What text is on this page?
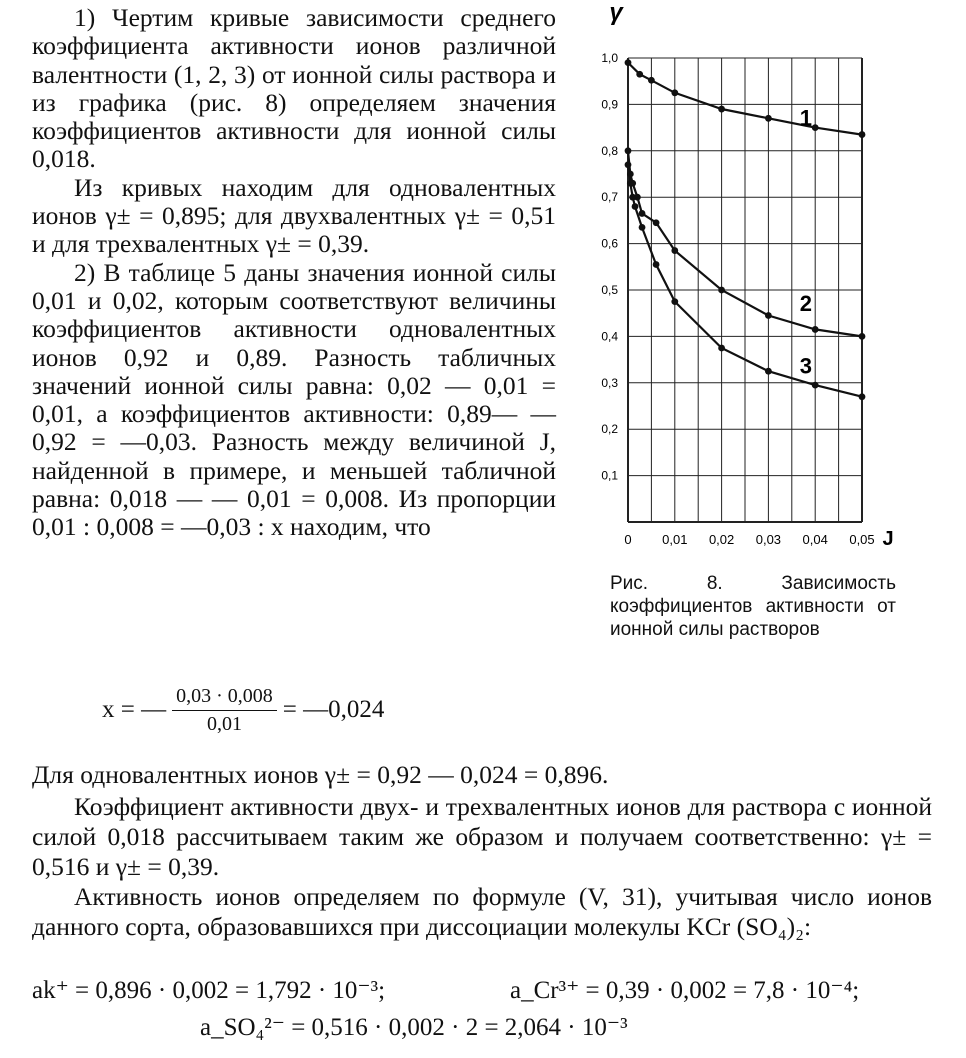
1) Чертим кривые зависимости среднего коэффициента активности ионов различной валентности (1, 2, 3) от ионной силы раствора и из графика (рис. 8) определяем значения коэффициентов активности для ионной силы 0,018.

Из кривых находим для одновалентных ионов γ± = 0,895; для двухвалентных γ± = 0,51 и для трехвалентных γ± = 0,39.

2) В таблице 5 даны значения ионной силы 0,01 и 0,02, которым соответствуют величины коэффициентов активности одновалентных ионов 0,92 и 0,89. Разность табличных значений ионной силы равна: 0,02 — 0,01 = 0,01, а коэффициентов активности: 0,89— —0,92 = —0,03. Разность между величиной J, найденной в примере, и меньшей табличной равна: 0,018 — — 0,01 = 0,008. Из пропорции 0,01 : 0,008 = —0,03 : x находим, что

0,1
0,2
0,3
0,4
0,5
0,6
0,7
0,8
0,9
1,0
0 0,01 0,02 0,03 0,04 0,05
γ
J
1
2
3

Рис. 8. Зависимость коэффициентов активности от ионной силы растворов

x = — $\frac{0,03 \cdot 0,008}{0,01}$ = —0,024

Для одновалентных ионов γ± = 0,92 — 0,024 = 0,896.

Коэффициент активности двух- и трехвалентных ионов для раствора с ионной силой 0,018 рассчитываем таким же образом и получаем соответственно: γ± = 0,516 и γ± = 0,39.

Активность ионов определяем по формуле (V, 31), учитывая число ионов данного сорта, образовавшихся при диссоциации молекулы KCr (SO₄)₂:

ak⁺ = 0,896 · 0,002 = 1,792 · 10⁻³;	a_Cr³⁺ = 0,39 · 0,002 = 7,8 · 10⁻⁴;
a_SO₄²⁻ = 0,516 · 0,002 · 2 = 2,064 · 10⁻³
